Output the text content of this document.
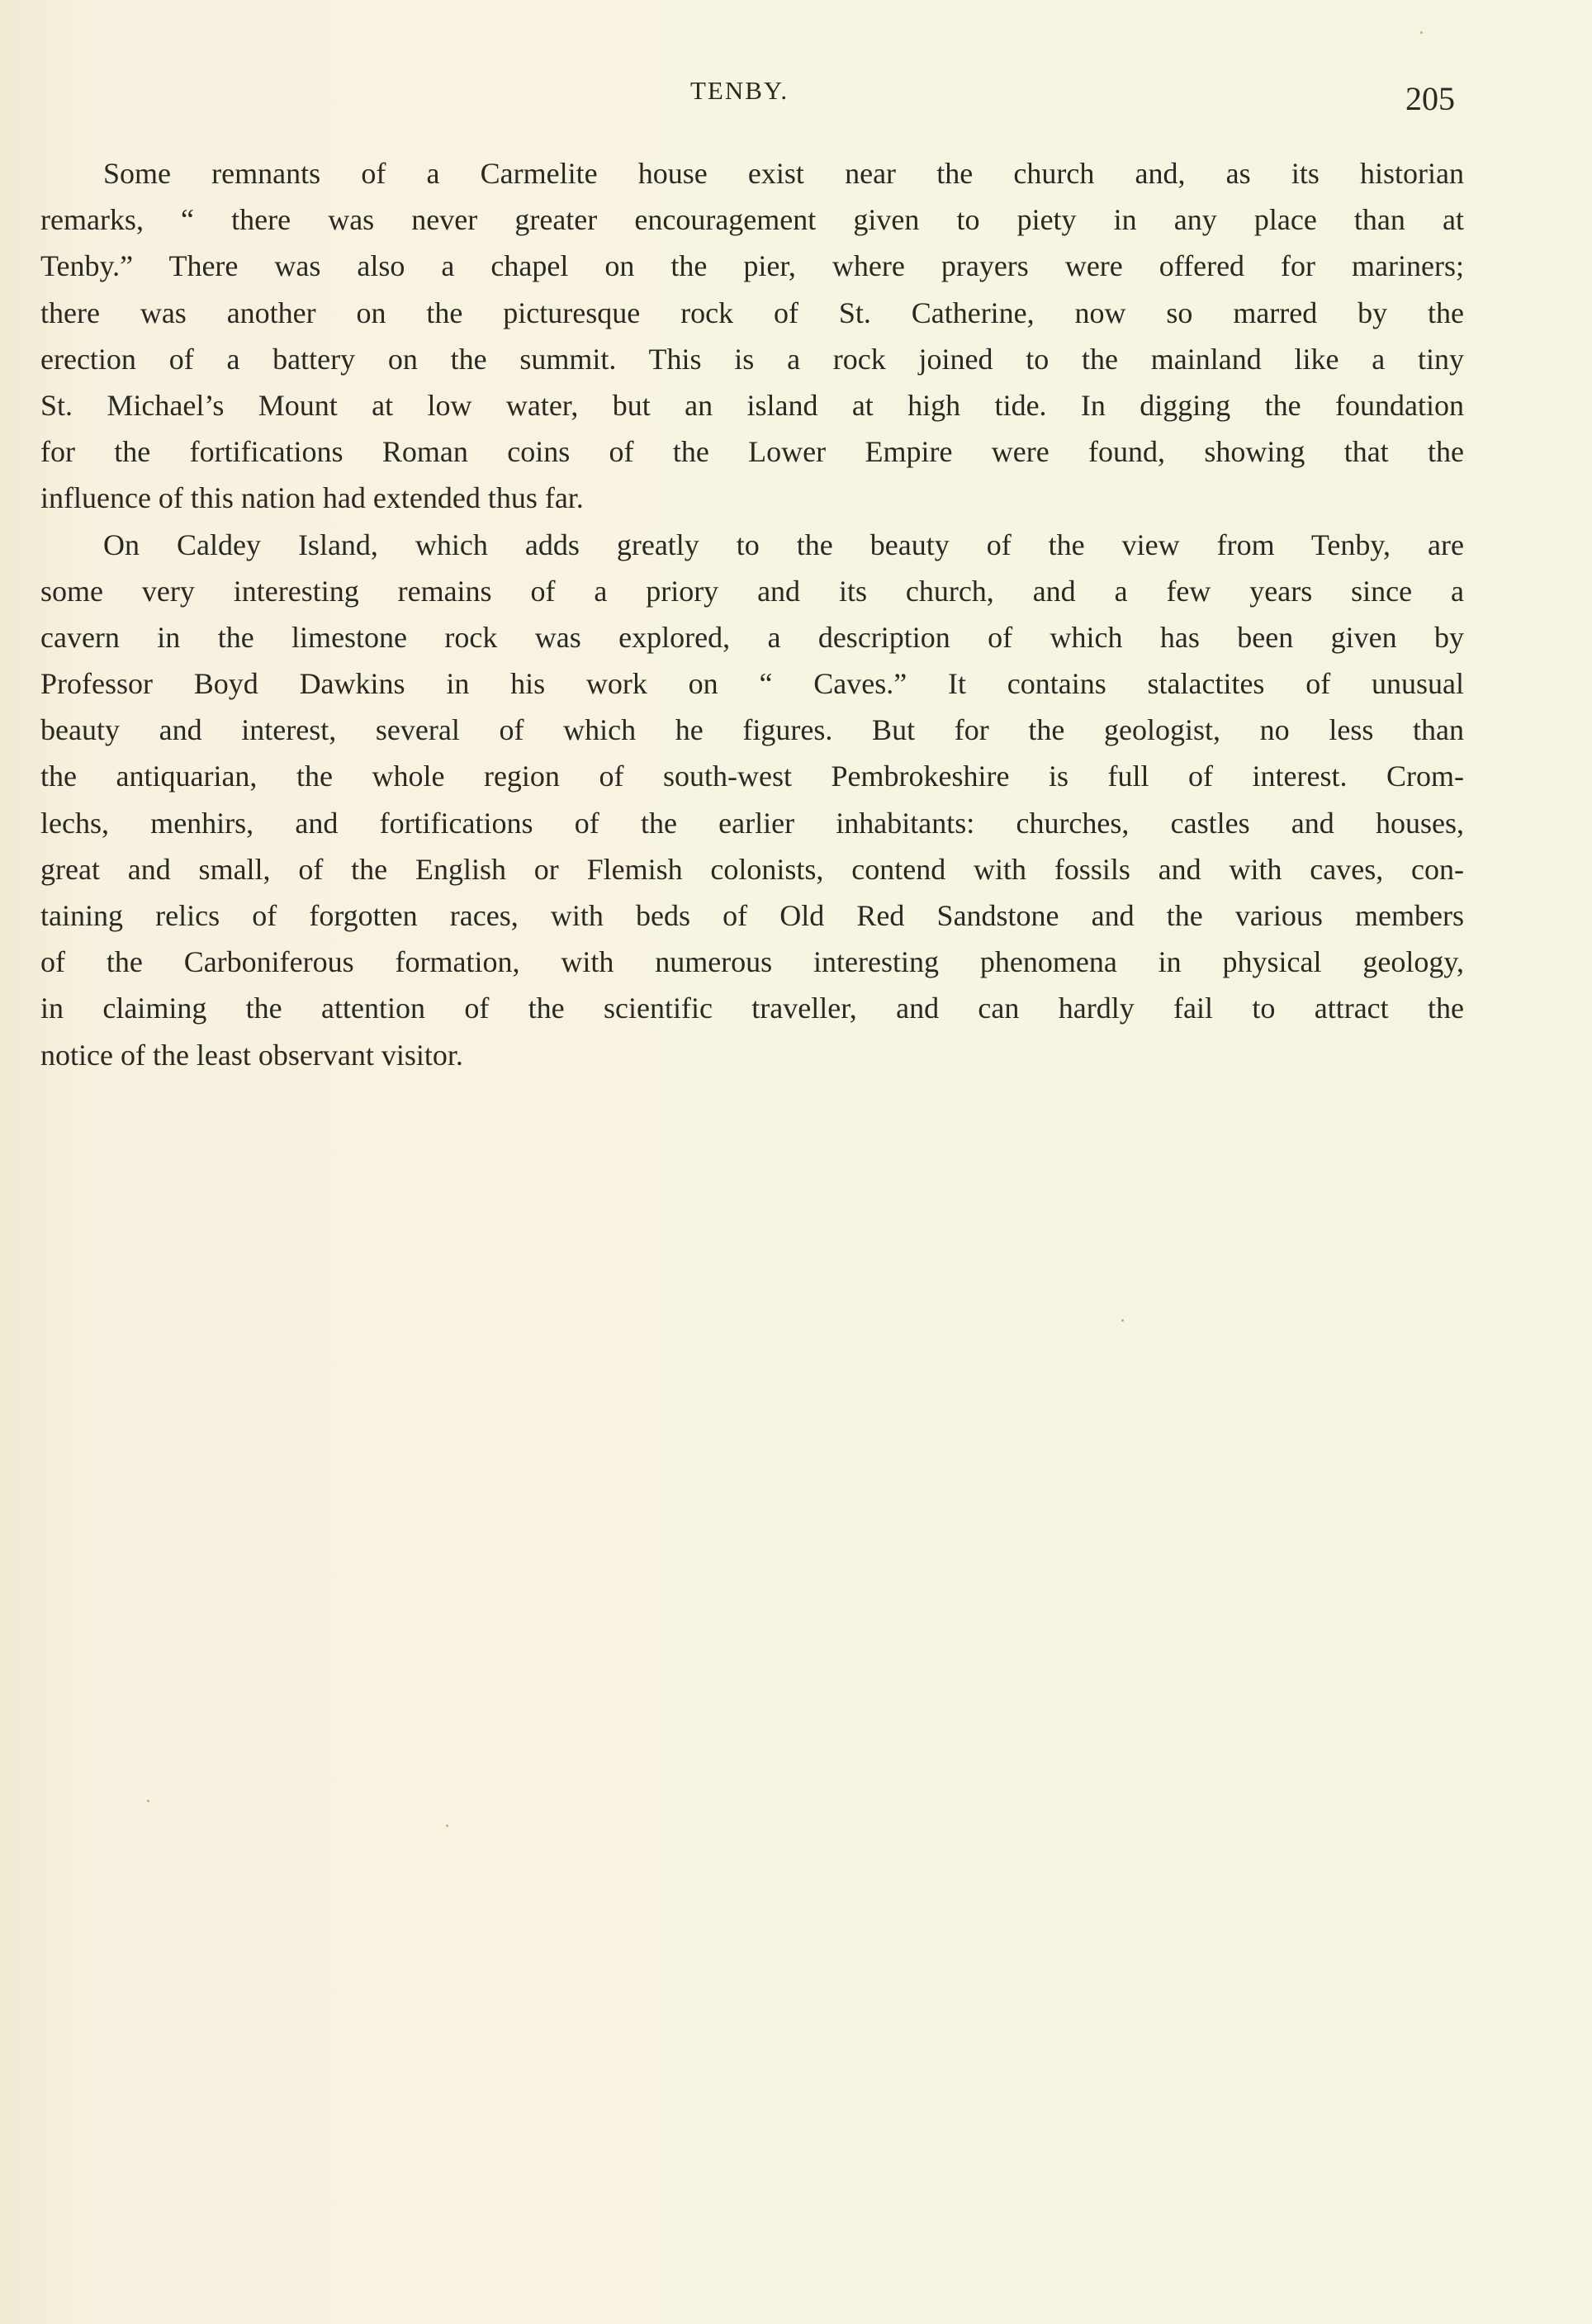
TENBY.	205
Some remnants of a Carmelite house exist near the church and, as its historian
remarks, “ there was never greater encouragement given to piety in any place than at
Tenby.” There was also a chapel on the pier, where prayers were offered for mariners;
there was another on the picturesque rock of St. Catherine, now so marred by the
erection of a battery on the summit. This is a rock joined to the mainland like a tiny
St. Michael’s Mount at low water, but an island at high tide. In digging the foundation
for the fortifications Roman coins of the Lower Empire were found, showing that the
influence of this nation had extended thus far.
On Caldey Island, which adds greatly to the beauty of the view from Tenby, are
some very interesting remains of a priory and its church, and a few years since a
cavern in the limestone rock was explored, a description of which has been given by
Professor Boyd Dawkins in his work on “ Caves.” It contains stalactites of unusual
beauty and interest, several of which he figures. But for the geologist, no less than
the antiquarian, the whole region of south-west Pembrokeshire is full of interest. Crom-
lechs, menhirs, and fortifications of the earlier inhabitants: churches, castles and houses,
great and small, of the English or Flemish colonists, contend with fossils and with caves, con-
taining relics of forgotten races, with beds of Old Red Sandstone and the various members
of the Carboniferous formation, with numerous interesting phenomena in physical geology,
in claiming the attention of the scientific traveller, and can hardly fail to attract the
notice of the least observant visitor.
